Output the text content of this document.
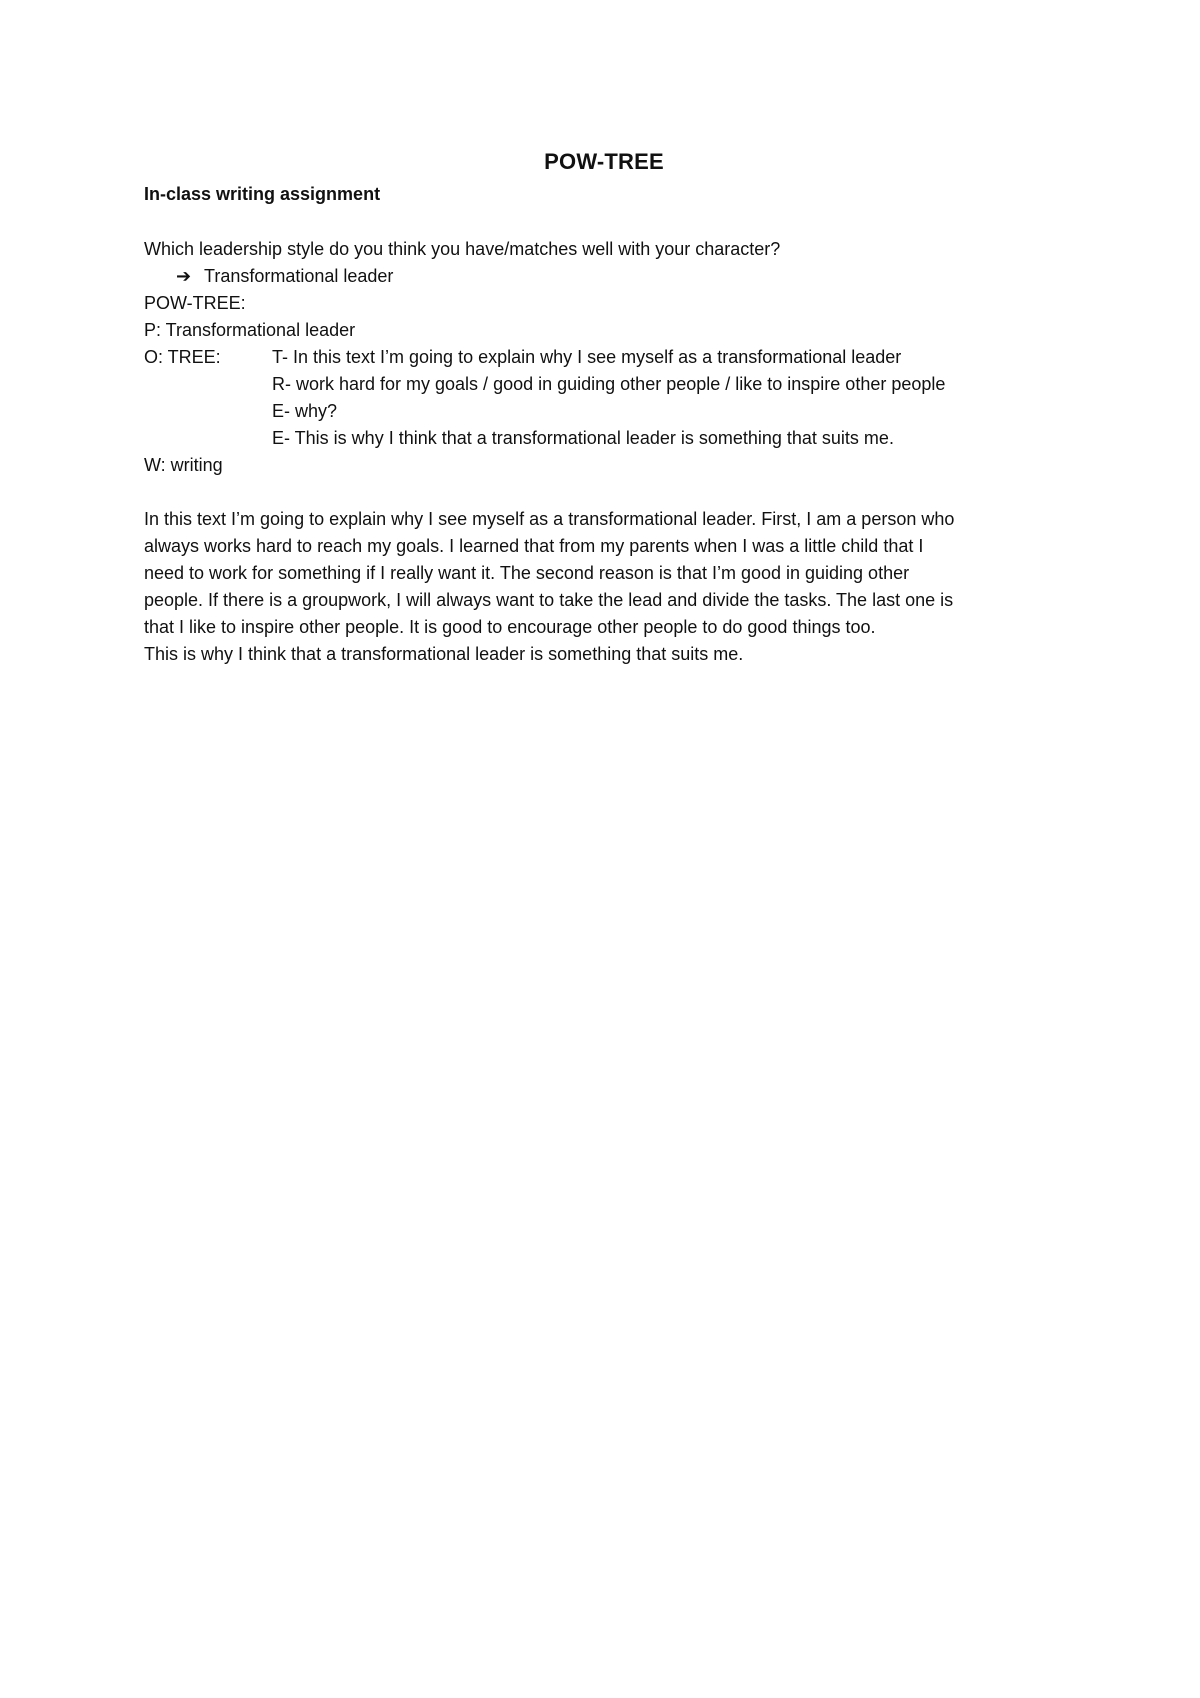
POW-TREE
In-class writing assignment
Which leadership style do you think you have/matches well with your character?
➔ Transformational leader
POW-TREE:
P: Transformational leader
O: TREE:	T- In this text I’m going to explain why I see myself as a transformational leader
R- work hard for my goals / good in guiding other people / like to inspire other people
E- why?
E- This is why I think that a transformational leader is something that suits me.
W: writing
In this text I’m going to explain why I see myself as a transformational leader. First, I am a person who
always works hard to reach my goals. I learned that from my parents when I was a little child that I
need to work for something if I really want it. The second reason is that I’m good in guiding other
people. If there is a groupwork, I will always want to take the lead and divide the tasks. The last one is
that I like to inspire other people. It is good to encourage other people to do good things too.
This is why I think that a transformational leader is something that suits me.
